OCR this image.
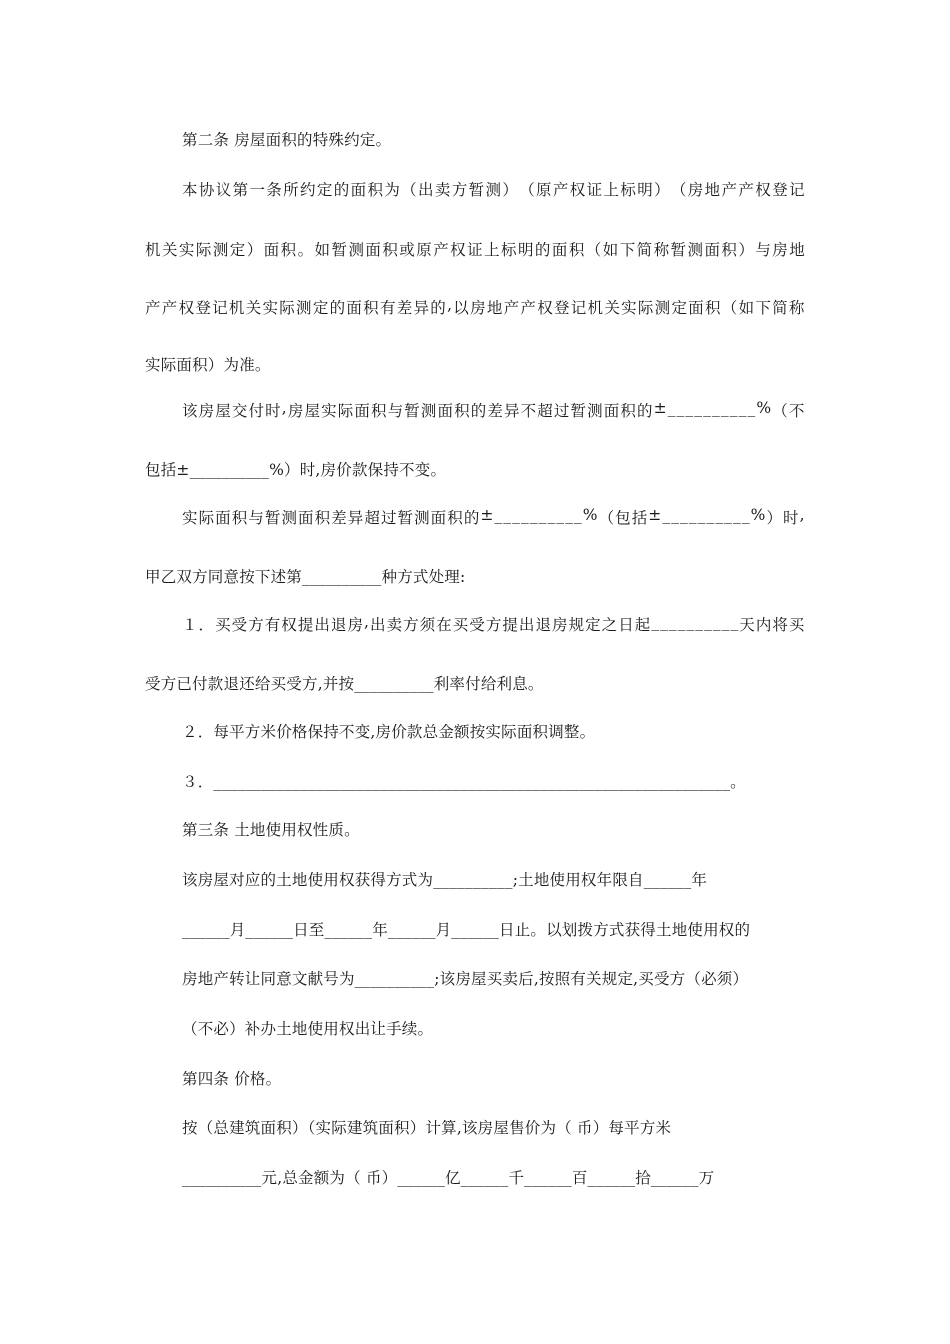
第二条 房屋面积的特殊约定。
本 协 议 第 一 条 所 约 定 的 面 积 为 （ 出 卖 方 暂 测 ） （ 原 产 权 证 上 标 明 ） （ 房 地 产 产 权 登 记
机 关 实 际 测 定 ） 面 积 。 如 暂 测 面 积 或 原 产 权 证 上 标 明 的 面 积 （ 如 下 简 称 暂 测 面 积 ） 与 房 地
产 产 权 登 记 机 关 实 际 测 定 的 面 积 有 差 异 的 , 以 房 地 产 产 权 登 记 机 关 实 际 测 定 面 积 （ 如 下 简 称
实际面积）为准。
该 房 屋 交 付 时 , 房 屋 实 际 面 积 与 暂 测 面 积 的 差 异 不 超 过 暂 测 面 积 的 ± _ _ _ _ _ _ _ _ _ _ % （ 不
包括±__________%）时,房价款保持不变。
实 际 面 积 与 暂 测 面 积 差 异 超 过 暂 测 面 积 的 ± _ _ _ _ _ _ _ _ _ _ % （ 包 括 ± _ _ _ _ _ _ _ _ _ _ % ） 时 ,
甲乙双方同意按下述第__________种方式处理:
１ ． 买 受 方 有 权 提 出 退 房 , 出 卖 方 须 在 买 受 方 提 出 退 房 规 定 之 日 起 _ _ _ _ _ _ _ _ _ _ 天 内 将 买
受方已付款退还给买受方,并按__________利率付给利息。
２．每平方米价格保持不变,房价款总金额按实际面积调整。
３．_________________________________________________________________。
第三条 土地使用权性质。
该房屋对应的土地使用权获得方式为__________;土地使用权年限自______年
______月______日至______年______月______日止。以划拨方式获得土地使用权的
房地产转让同意文献号为__________;该房屋买卖后,按照有关规定,买受方（必须）
（不必）补办土地使用权出让手续。
第四条 价格。
按（总建筑面积）（实际建筑面积）计算,该房屋售价为（ 币）每平方米
__________元,总金额为（ 币）______亿______千______百______拾______万
